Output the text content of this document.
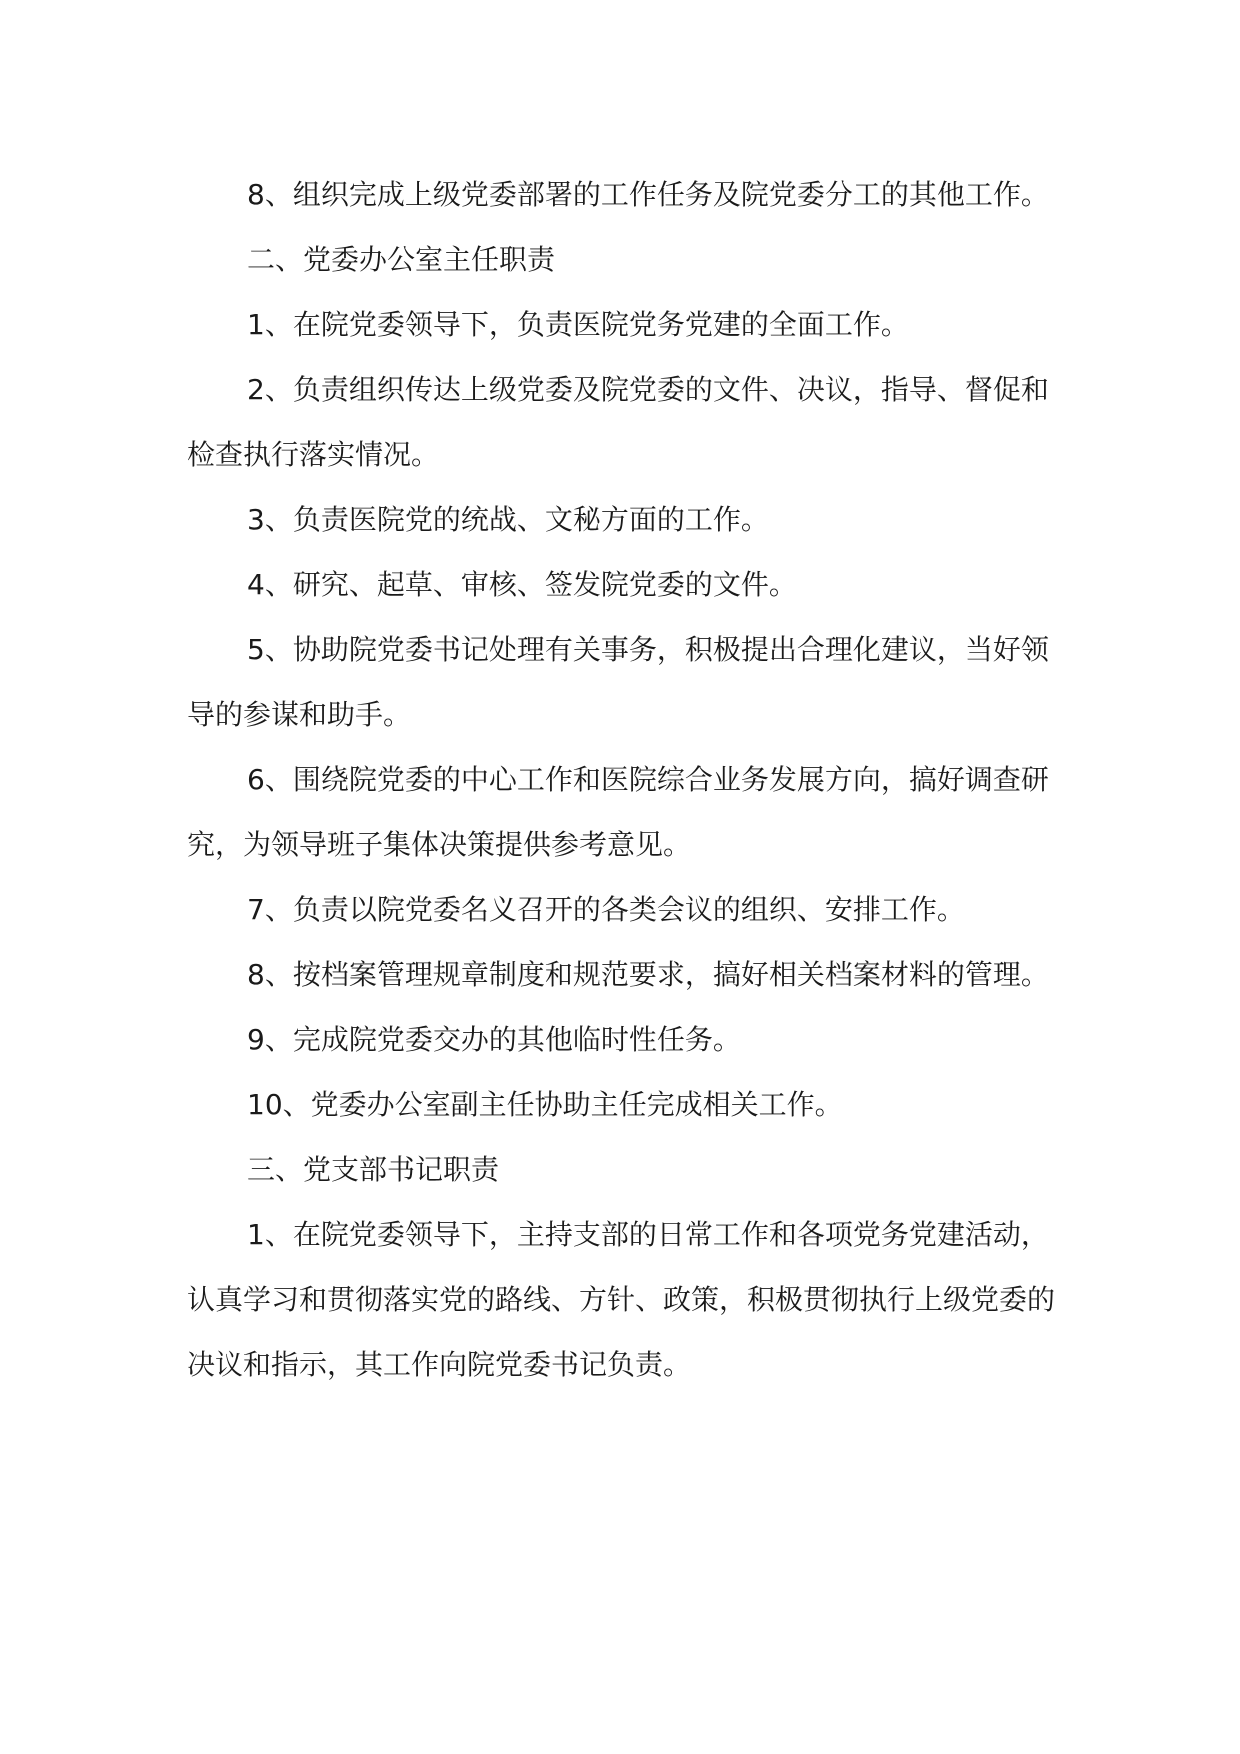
8、组织完成上级党委部署的工作任务及院党委分工的其他工作。

二、党委办公室主任职责

1、在院党委领导下，负责医院党务党建的全面工作。

2、负责组织传达上级党委及院党委的文件、决议，指导、督促和检查执行落实情况。

3、负责医院党的统战、文秘方面的工作。

4、研究、起草、审核、签发院党委的文件。

5、协助院党委书记处理有关事务，积极提出合理化建议，当好领导的参谋和助手。

6、围绕院党委的中心工作和医院综合业务发展方向，搞好调查研究，为领导班子集体决策提供参考意见。

7、负责以院党委名义召开的各类会议的组织、安排工作。

8、按档案管理规章制度和规范要求，搞好相关档案材料的管理。

9、完成院党委交办的其他临时性任务。

10、党委办公室副主任协助主任完成相关工作。

三、党支部书记职责

1、在院党委领导下，主持支部的日常工作和各项党务党建活动，认真学习和贯彻落实党的路线、方针、政策，积极贯彻执行上级党委的决议和指示，其工作向院党委书记负责。
